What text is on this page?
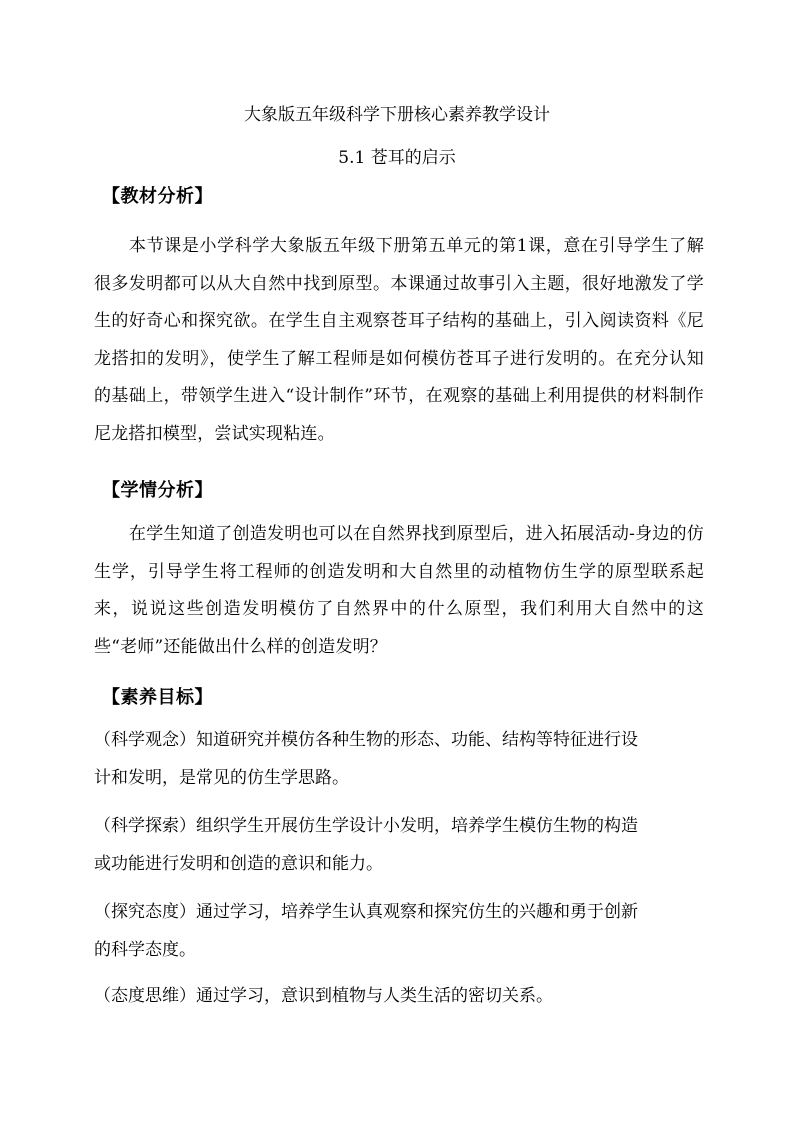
大象版五年级科学下册核心素养教学设计
5.1 苍耳的启示
【教材分析】
本节课是小学科学大象版五年级下册第五单元的第1课，意在引导学生了解很多发明都可以从大自然中找到原型。本课通过故事引入主题，很好地激发了学生的好奇心和探究欲。在学生自主观察苍耳子结构的基础上，引入阅读资料《尼龙搭扣的发明》，使学生了解工程师是如何模仿苍耳子进行发明的。在充分认知的基础上，带领学生进入“设计制作”环节，在观察的基础上利用提供的材料制作尼龙搭扣模型，尝试实现粘连。
【学情分析】
在学生知道了创造发明也可以在自然界找到原型后，进入拓展活动-身边的仿生学，引导学生将工程师的创造发明和大自然里的动植物仿生学的原型联系起来，说说这些创造发明模仿了自然界中的什么原型，我们利用大自然中的这些“老师”还能做出什么样的创造发明？
【素养目标】
（科学观念）知道研究并模仿各种生物的形态、功能、结构等特征进行设
计和发明，是常见的仿生学思路。
（科学探索）组织学生开展仿生学设计小发明，培养学生模仿生物的构造
或功能进行发明和创造的意识和能力。
（探究态度）通过学习，培养学生认真观察和探究仿生的兴趣和勇于创新
的科学态度。
（态度思维）通过学习，意识到植物与人类生活的密切关系。
